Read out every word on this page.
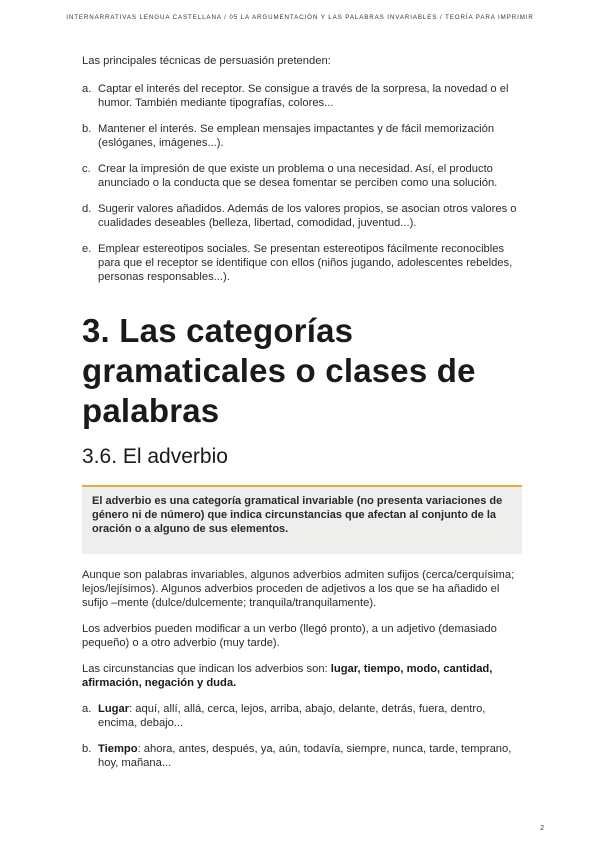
INTERNARRATIVAS LENGUA CASTELLANA / 05 LA ARGUMENTACIÓN Y LAS PALABRAS INVARIABLES / TEORÍA PARA IMPRIMIR

Las principales técnicas de persuasión pretenden:

a. Captar el interés del receptor. Se consigue a través de la sorpresa, la novedad o el humor. También mediante tipografías, colores...
b. Mantener el interés. Se emplean mensajes impactantes y de fácil memorización (eslóganes, imágenes...).
c. Crear la impresión de que existe un problema o una necesidad. Así, el producto anunciado o la conducta que se desea fomentar se perciben como una solución.
d. Sugerir valores añadidos. Además de los valores propios, se asocian otros valores o cualidades deseables (belleza, libertad, comodidad, juventud...).
e. Emplear estereotipos sociales. Se presentan estereotipos fácilmente reconocibles para que el receptor se identifique con ellos (niños jugando, adolescentes rebeldes, personas responsables...).
3. Las categorías gramaticales o clases de palabras
3.6. El adverbio

El adverbio es una categoría gramatical invariable (no presenta variaciones de género ni de número) que indica circunstancias que afectan al conjunto de la oración o a alguno de sus elementos.

Aunque son palabras invariables, algunos adverbios admiten sufijos (cerca/cerquísima; lejos/lejísimos). Algunos adverbios proceden de adjetivos a los que se ha añadido el sufijo –mente (dulce/dulcemente; tranquila/tranquilamente).

Los adverbios pueden modificar a un verbo (llegó pronto), a un adjetivo (demasiado pequeño) o a otro adverbio (muy tarde).

Las circunstancias que indican los adverbios son: lugar, tiempo, modo, cantidad, afirmación, negación y duda.

a. Lugar: aquí, allí, allá, cerca, lejos, arriba, abajo, delante, detrás, fuera, dentro, encima, debajo...
b. Tiempo: ahora, antes, después, ya, aún, todavía, siempre, nunca, tarde, temprano, hoy, mañana...
2
